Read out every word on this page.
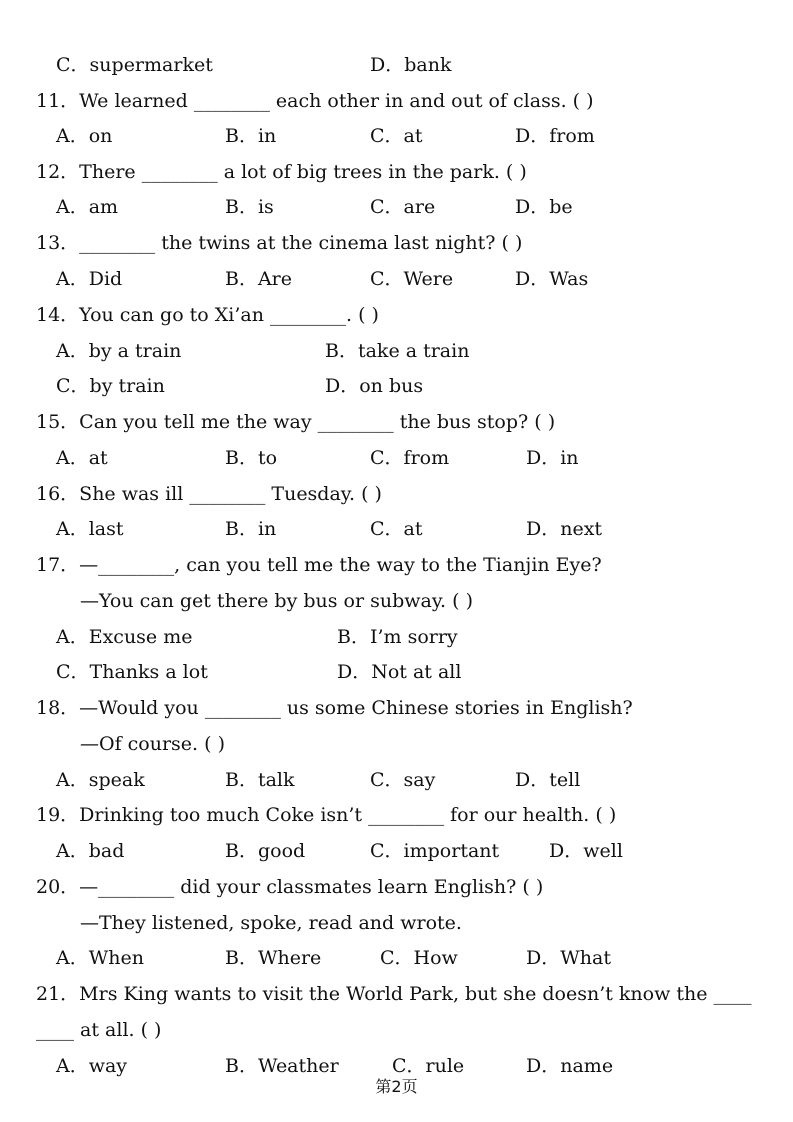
C．supermarket	D．bank
11．We learned ________ each other in and out of class. ( )
A．on	B．in	C．at	D．from
12．There ________ a lot of big trees in the park. ( )
A．am	B．is	C．are	D．be
13．________ the twins at the cinema last night? ( )
A．Did	B．Are	C．Were	D．Was
14．You can go to Xi’an ________. ( )
A．by a train	B．take a train
C．by train	D．on bus
15．Can you tell me the way ________ the bus stop? ( )
A．at	B．to	C．from	D．in
16．She was ill ________ Tuesday. ( )
A．last	B．in	C．at	D．next
17．—________, can you tell me the way to the Tianjin Eye?
—You can get there by bus or subway. ( )
A．Excuse me	B．I’m sorry
C．Thanks a lot	D．Not at all
18．—Would you ________ us some Chinese stories in English?
—Of course. ( )
A．speak	B．talk	C．say	D．tell
19．Drinking too much Coke isn’t ________ for our health. ( )
A．bad	B．good	C．important	D．well
20．—________ did your classmates learn English? ( )
—They listened, spoke, read and wrote.
A．When	B．Where	C．How	D．What
21．Mrs King wants to visit the World Park, but she doesn’t know the ____
____ at all. ( )
A．way	B．Weather	C．rule	D．name
第2页
